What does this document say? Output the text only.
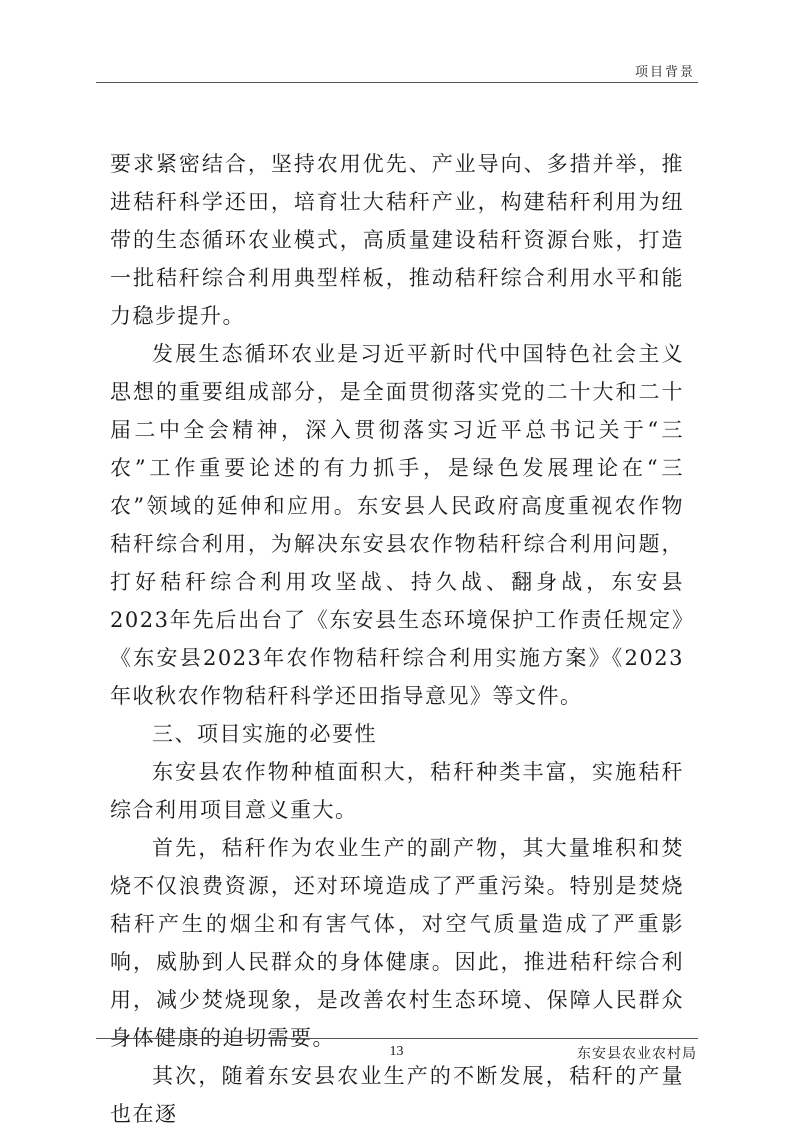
项目背景

要求紧密结合，坚持农用优先、产业导向、多措并举，推进秸秆科学还田，培育壮大秸秆产业，构建秸秆利用为纽带的生态循环农业模式，高质量建设秸秆资源台账，打造一批秸秆综合利用典型样板，推动秸秆综合利用水平和能力稳步提升。

发展生态循环农业是习近平新时代中国特色社会主义思想的重要组成部分，是全面贯彻落实党的二十大和二十届二中全会精神，深入贯彻落实习近平总书记关于“三农”工作重要论述的有力抓手，是绿色发展理论在“三农”领域的延伸和应用。东安县人民政府高度重视农作物秸秆综合利用，为解决东安县农作物秸秆综合利用问题，打好秸秆综合利用攻坚战、持久战、翻身战，东安县2023年先后出台了《东安县生态环境保护工作责任规定》《东安县2023年农作物秸秆综合利用实施方案》《2023年收秋农作物秸秆科学还田指导意见》等文件。

三、项目实施的必要性

东安县农作物种植面积大，秸秆种类丰富，实施秸秆综合利用项目意义重大。

首先，秸秆作为农业生产的副产物，其大量堆积和焚烧不仅浪费资源，还对环境造成了严重污染。特别是焚烧秸秆产生的烟尘和有害气体，对空气质量造成了严重影响，威胁到人民群众的身体健康。因此，推进秸秆综合利用，减少焚烧现象，是改善农村生态环境、保障人民群众身体健康的迫切需要。

其次，随着东安县农业生产的不断发展，秸秆的产量也在逐

13	东安县农业农村局
